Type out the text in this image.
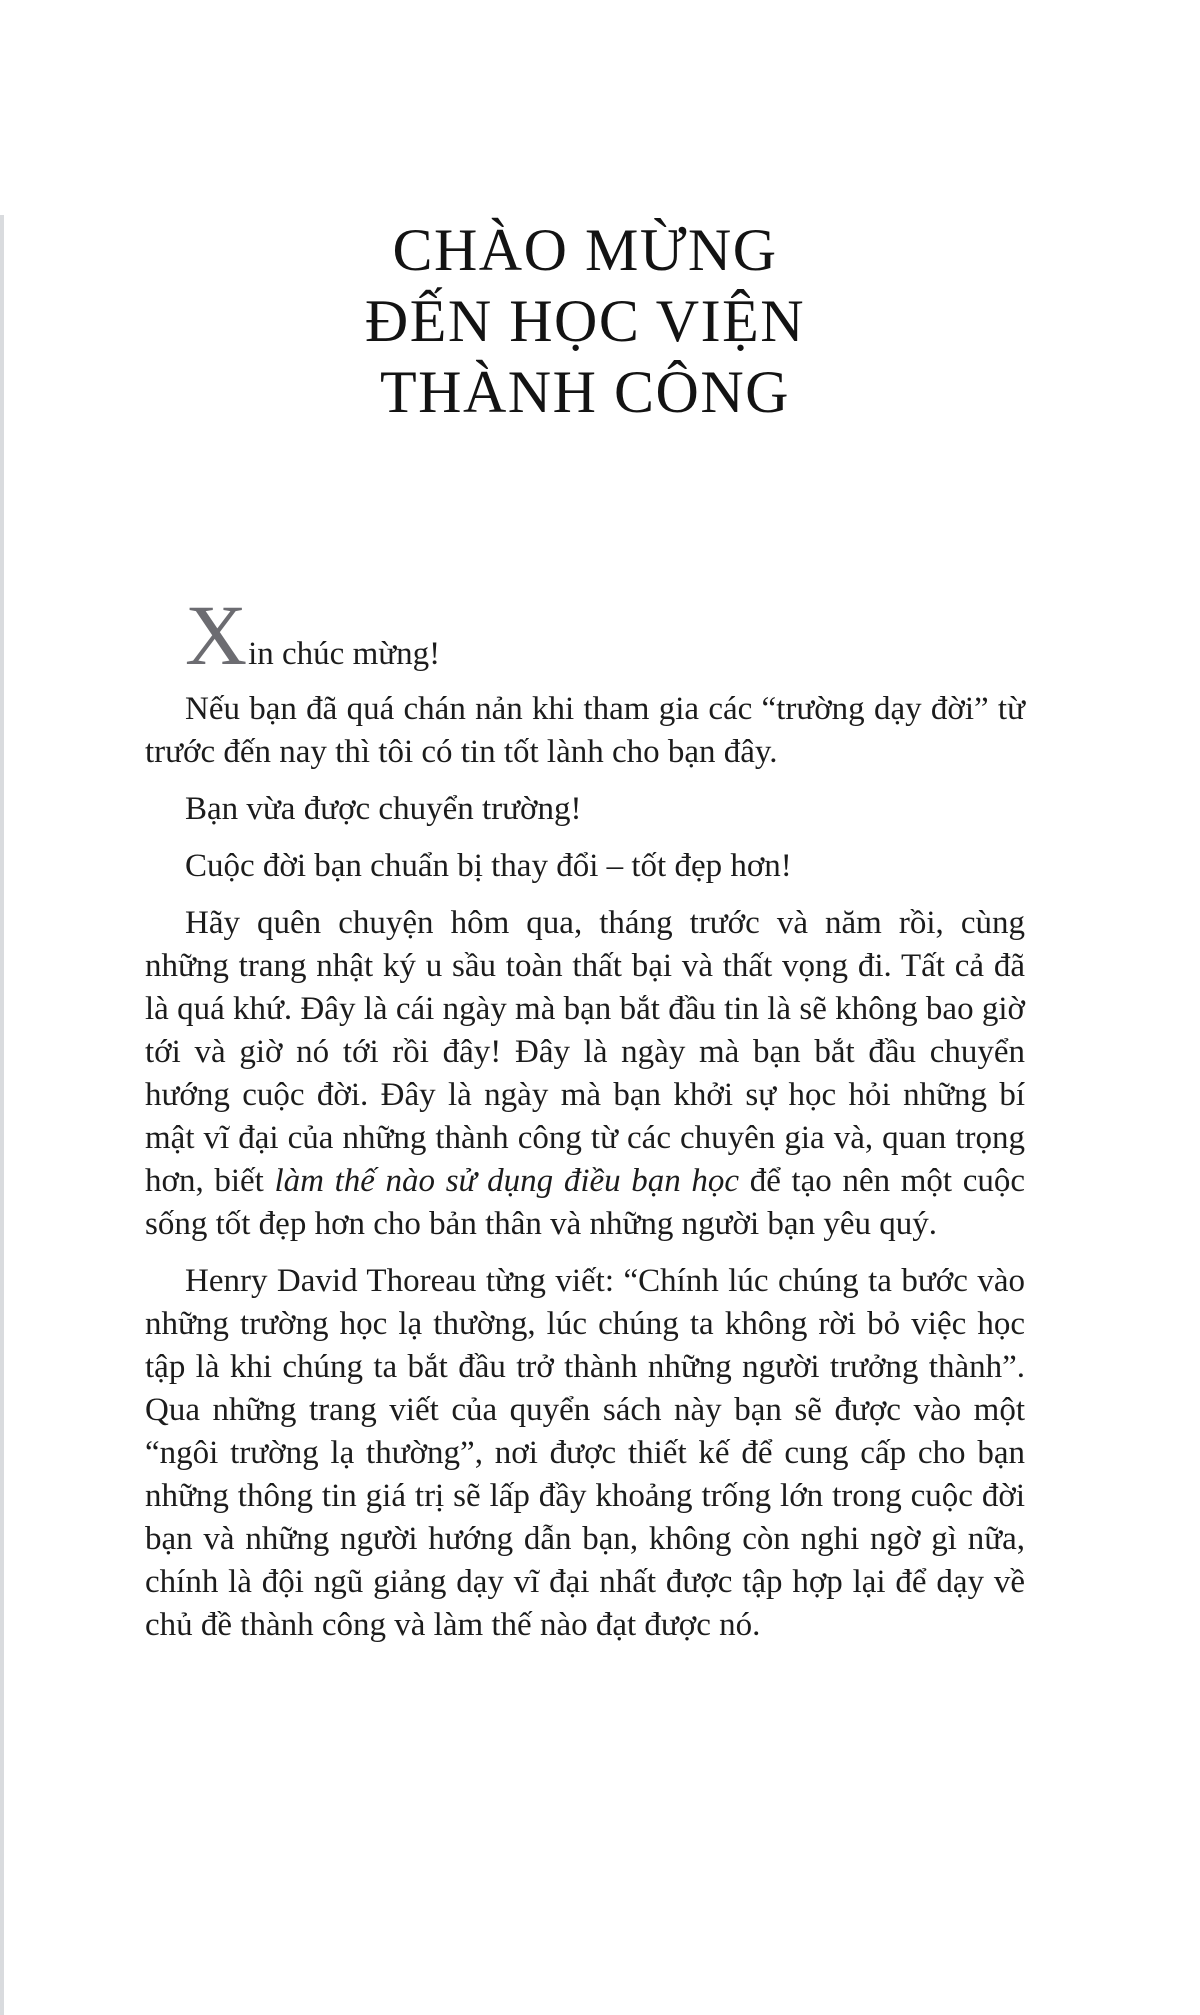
CHÀO MỪNG
ĐẾN HỌC VIỆN
THÀNH CÔNG

Xin chúc mừng!

Nếu bạn đã quá chán nản khi tham gia các “trường dạy đời” từ trước đến nay thì tôi có tin tốt lành cho bạn đây.

Bạn vừa được chuyển trường!

Cuộc đời bạn chuẩn bị thay đổi – tốt đẹp hơn!

Hãy quên chuyện hôm qua, tháng trước và năm rồi, cùng những trang nhật ký u sầu toàn thất bại và thất vọng đi. Tất cả đã là quá khứ. Đây là cái ngày mà bạn bắt đầu tin là sẽ không bao giờ tới và giờ nó tới rồi đây! Đây là ngày mà bạn bắt đầu chuyển hướng cuộc đời. Đây là ngày mà bạn khởi sự học hỏi những bí mật vĩ đại của những thành công từ các chuyên gia và, quan trọng hơn, biết làm thế nào sử dụng điều bạn học để tạo nên một cuộc sống tốt đẹp hơn cho bản thân và những người bạn yêu quý.

Henry David Thoreau từng viết: “Chính lúc chúng ta bước vào những trường học lạ thường, lúc chúng ta không rời bỏ việc học tập là khi chúng ta bắt đầu trở thành những người trưởng thành”. Qua những trang viết của quyển sách này bạn sẽ được vào một “ngôi trường lạ thường”, nơi được thiết kế để cung cấp cho bạn những thông tin giá trị sẽ lấp đầy khoảng trống lớn trong cuộc đời bạn và những người hướng dẫn bạn, không còn nghi ngờ gì nữa, chính là đội ngũ giảng dạy vĩ đại nhất được tập hợp lại để dạy về chủ đề thành công và làm thế nào đạt được nó.
